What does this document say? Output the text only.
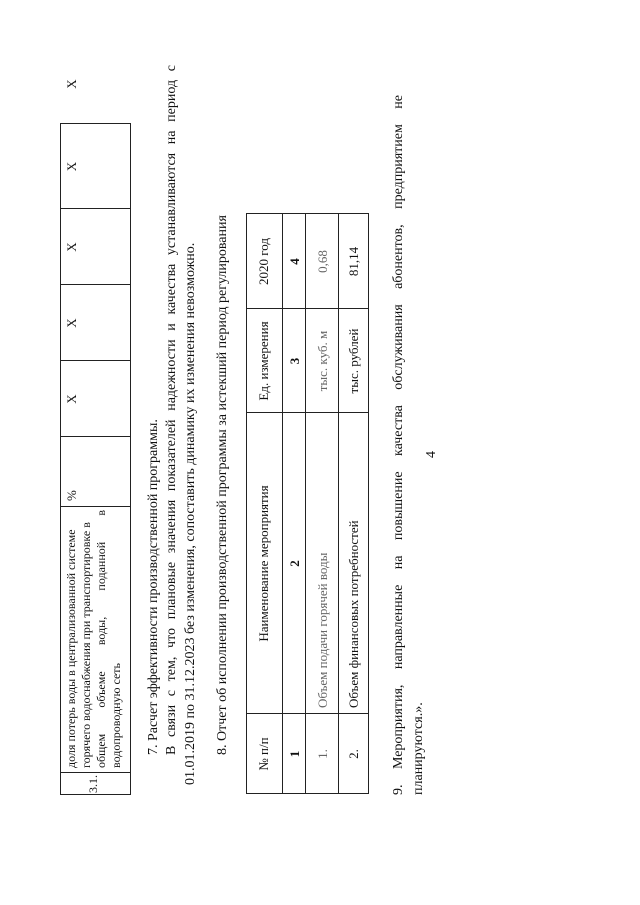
4
3.1.
доля потерь воды в централизованной системе горячего водоснабжения при транспортировке в общем объеме воды, поданной в водопроводную сеть
%
Х
Х
Х
Х
Х
7. Расчет эффективности производственной программы. В связи с тем, что плановые значения показателей надежности и качества устанавливаются на период с 01.01.2019 по 31.12.2023 без изменения, сопоставить динамику их изменения невозможно. 8. Отчет об исполнении производственной программы за истекший период регулирования № п/п
Наименование мероприятия
Ед. измерения
2020 год
1
2
3
4
1.
Объем подачи горячей воды
тыс. куб. м
0,68
2.
Объем финансовых потребностей
тыс. рублей
81,14 9. Мероприятия, направленные на повышение качества обслуживания абонентов, предприятием не планируются.».
